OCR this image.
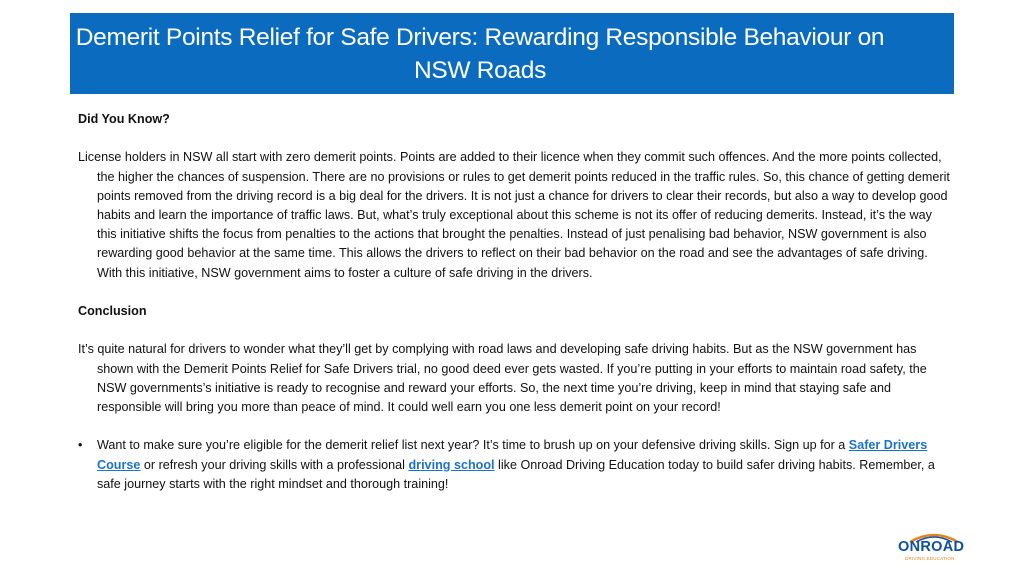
Demerit Points Relief for Safe Drivers: Rewarding Responsible Behaviour on NSW Roads

Did You Know?

License holders in NSW all start with zero demerit points. Points are added to their licence when they commit such offences. And the more points collected, the higher the chances of suspension. There are no provisions or rules to get demerit points reduced in the traffic rules. So, this chance of getting demerit points removed from the driving record is a big deal for the drivers. It is not just a chance for drivers to clear their records, but also a way to develop good habits and learn the importance of traffic laws. But, what’s truly exceptional about this scheme is not its offer of reducing demerits. Instead, it’s the way this initiative shifts the focus from penalties to the actions that brought the penalties. Instead of just penalising bad behavior, NSW government is also rewarding good behavior at the same time. This allows the drivers to reflect on their bad behavior on the road and see the advantages of safe driving. With this initiative, NSW government aims to foster a culture of safe driving in the drivers.

Conclusion

It’s quite natural for drivers to wonder what they’ll get by complying with road laws and developing safe driving habits. But as the NSW government has shown with the Demerit Points Relief for Safe Drivers trial, no good deed ever gets wasted. If you’re putting in your efforts to maintain road safety, the NSW governments’s initiative is ready to recognise and reward your efforts. So, the next time you’re driving, keep in mind that staying safe and responsible will bring you more than peace of mind. It could well earn you one less demerit point on your record!

•	Want to make sure you’re eligible for the demerit relief list next year? It’s time to brush up on your defensive driving skills. Sign up for a Safer Drivers Course or refresh your driving skills with a professional driving school like Onroad Driving Education today to build safer driving habits. Remember, a safe journey starts with the right mindset and thorough training!
ONROAD
DRIVING EDUCATION
